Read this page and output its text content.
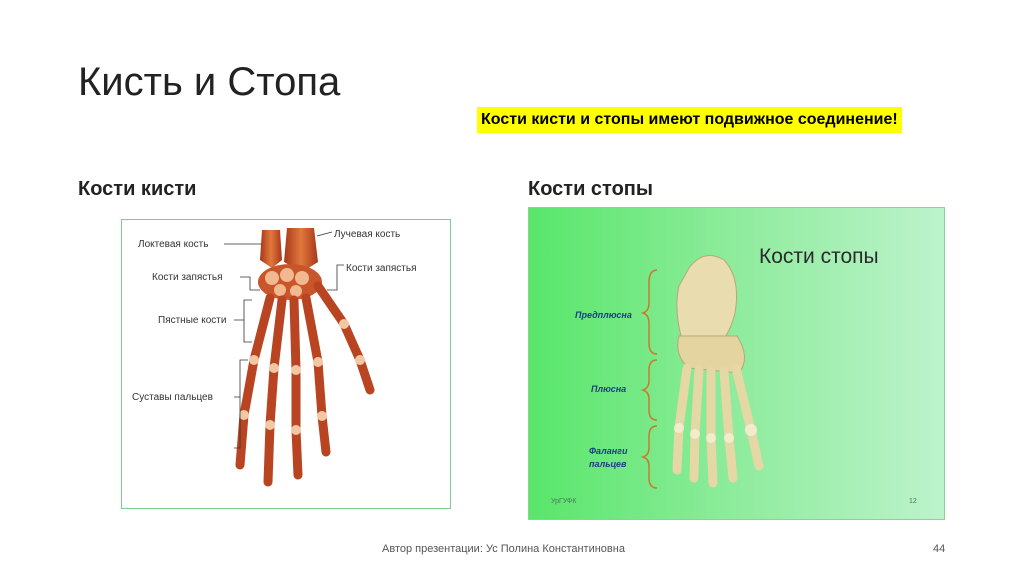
Кисть и Стопа
Кости кисти и стопы имеют подвижное соединение!
Кости кисти	Кости стопы
Локтевая кость
Лучевая кость
Кости запястья
Кости запястья
Пястные кости
Суставы пальцев
Кости стопы
Предплюсна
Плюсна
Фаланги
пальцев
УрГУФК	12
Автор презентации: Ус Полина Константиновна	44
